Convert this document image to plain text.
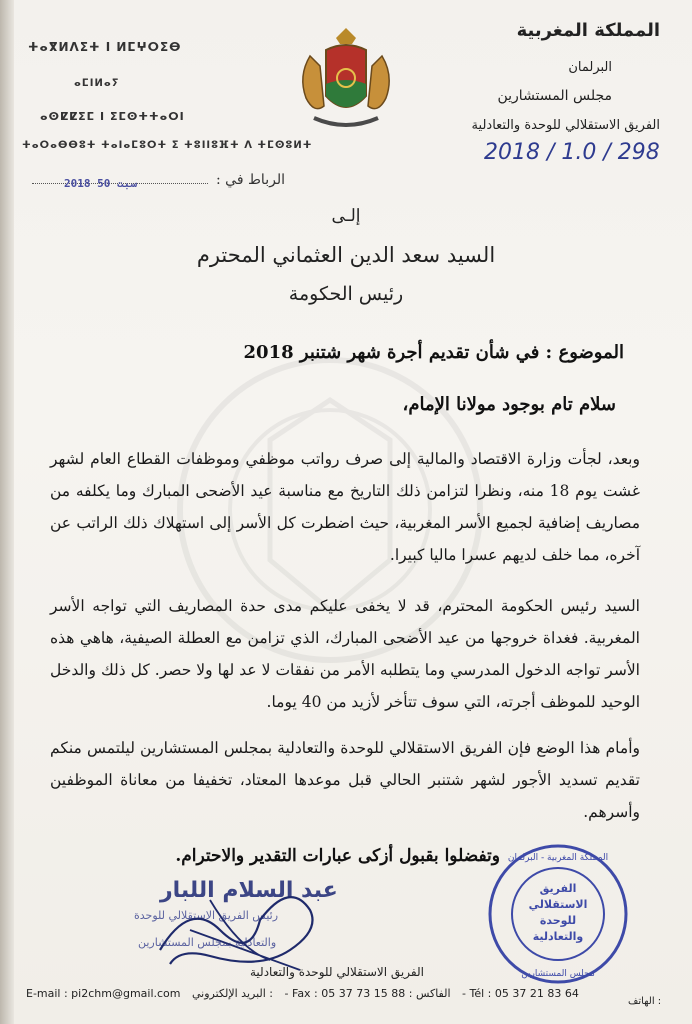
ⵜⴰⴳⵍⴷⵉⵜ ⵏ ⵍⵎⵖⵔⵉⴱ
ⴰⵎⵏⵍⴰⵢ
ⴰⵙⵇⵇⵉⵎ ⵏ ⵉⵎⵙⵜⵜⴰⵔⵏ
ⵜⴰⵔⴰⴱⴱⵓⵜ ⵜⴰⵏⴰⵎⵓⵔⵜ ⵉ ⵜⵓⵏⵏⵓⴼⵜ ⴷ ⵜⵎⵙⵓⵍⵜ
المملكة المغربية
البرلمان
مجلس المستشارين
الفريق الاستقلالي للوحدة والتعادلية
2018 / 1.0 / 298
2018 سبت 50	الرباط في :
إلـى
السيد سعد الدين العثماني المحترم
رئيس الحكومة
الموضوع : في شأن تقديم أجرة شهر شتنبر 2018
سلام تام بوجود مولانا الإمام،
وبعد، لجأت وزارة الاقتصاد والمالية إلى صرف رواتب موظفي وموظفات القطاع العام لشهر غشت يوم 18 منه، ونظرا لتزامن ذلك التاريخ مع مناسبة عيد الأضحى المبارك وما يكلفه من مصاريف إضافية لجميع الأسر المغربية، حيث اضطرت كل الأسر إلى استهلاك ذلك الراتب عن آخره، مما خلف لديهم عسرا ماليا كبيرا.
السيد رئيس الحكومة المحترم، قد لا يخفى عليكم مدى حدة المصاريف التي تواجه الأسر المغربية. فغداة خروجها من عيد الأضحى المبارك، الذي تزامن مع العطلة الصيفية، هاهي هذه الأسر تواجه الدخول المدرسي وما يتطلبه الأمر من نفقات لا عد لها ولا حصر. كل ذلك والدخل الوحيد للموظف أجرته، التي سوف تتأخر لأزيد من 40 يوما.
وأمام هذا الوضع فإن الفريق الاستقلالي للوحدة والتعادلية بمجلس المستشارين ليلتمس منكم تقديم تسديد الأجور لشهر شتنبر الحالي قبل موعدها المعتاد، تخفيفا من معاناة الموظفين وأسرهم.
وتفضلوا بقبول أزكى عبارات التقدير والاحترام.
عبد السلام اللبار
رئيس الفريق الاستقلالي للوحدة
والتعادلية بمجلس المستشارين
المملكة المغربية - البرلمان
الفريق
الاستقلالي
للوحدة
والتعادلية
مجلس المستشارين
الفريق الاستقلالي للوحدة والتعادلية
E-mail : pi2chm@gmail.com : البريد الإلكتروني - Fax : 05 37 73 15 88 : الفاكس - Tél : 05 37 21 83 64
: الهاتف
